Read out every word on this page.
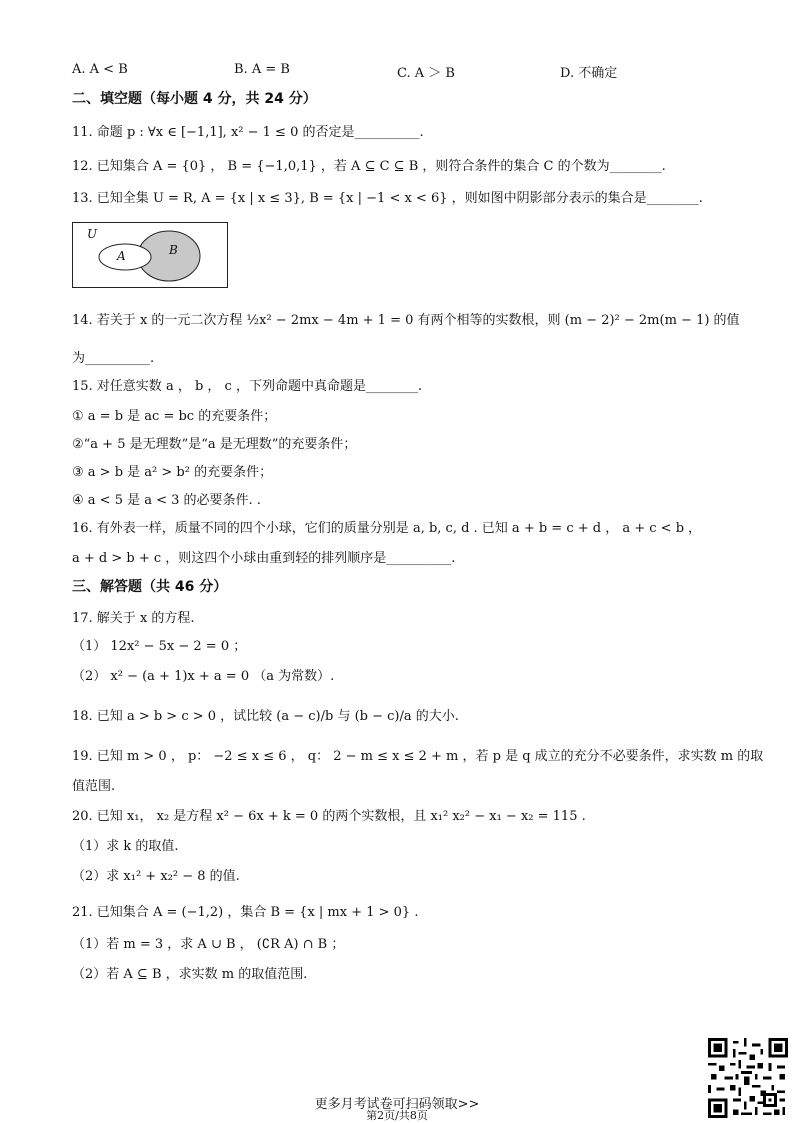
A. A < B	B. A = B	C. A ＞ B	D. 不确定
二、填空题（每小题 4 分，共 24 分）
11. 命题 p : ∀x ∈ [−1,1], x² − 1 ≤ 0 的否定是__________.
12. 已知集合 A = {0} ， B = {−1,0,1} ，若 A ⊆ C ⊆ B ，则符合条件的集合 C 的个数为________.
13. 已知全集 U = R, A = {x | x ≤ 3}, B = {x | −1 < x < 6} ，则如图中阴影部分表示的集合是________.
U
A	B
14. 若关于 x 的一元二次方程 ½x² − 2mx − 4m + 1 = 0 有两个相等的实数根，则 (m − 2)² − 2m(m − 1) 的值
为__________.
15. 对任意实数 a ， b ， c ，下列命题中真命题是________.
① a = b 是 ac = bc 的充要条件；
②“a + 5 是无理数”是“a 是无理数”的充要条件；
③ a > b 是 a² > b² 的充要条件；
④ a < 5 是 a < 3 的必要条件. .
16. 有外表一样，质量不同的四个小球，它们的质量分别是 a, b, c, d . 已知 a + b = c + d ， a + c < b ，
a + d > b + c ，则这四个小球由重到轻的排列顺序是__________.
三、解答题（共 46 分）
17. 解关于 x 的方程.
（1） 12x² − 5x − 2 = 0 ；
（2） x² − (a + 1)x + a = 0 （a 为常数）.
18. 已知 a > b > c > 0 ，试比较 (a − c)/b 与 (b − c)/a 的大小.
19. 已知 m > 0 ， p： −2 ≤ x ≤ 6 ， q： 2 − m ≤ x ≤ 2 + m ，若 p 是 q 成立的充分不必要条件，求实数 m 的取
值范围.
20. 已知 x₁， x₂ 是方程 x² − 6x + k = 0 的两个实数根，且 x₁² x₂² − x₁ − x₂ = 115 .
（1）求 k 的取值.
（2）求 x₁² + x₂² − 8 的值.
21. 已知集合 A = (−1,2) ，集合 B = {x | mx + 1 > 0} .
（1）若 m = 3 ，求 A ∪ B ， (∁R A) ∩ B ；
（2）若 A ⊆ B ，求实数 m 的取值范围.
更多月考试卷可扫码领取>>
第2页/共8页
